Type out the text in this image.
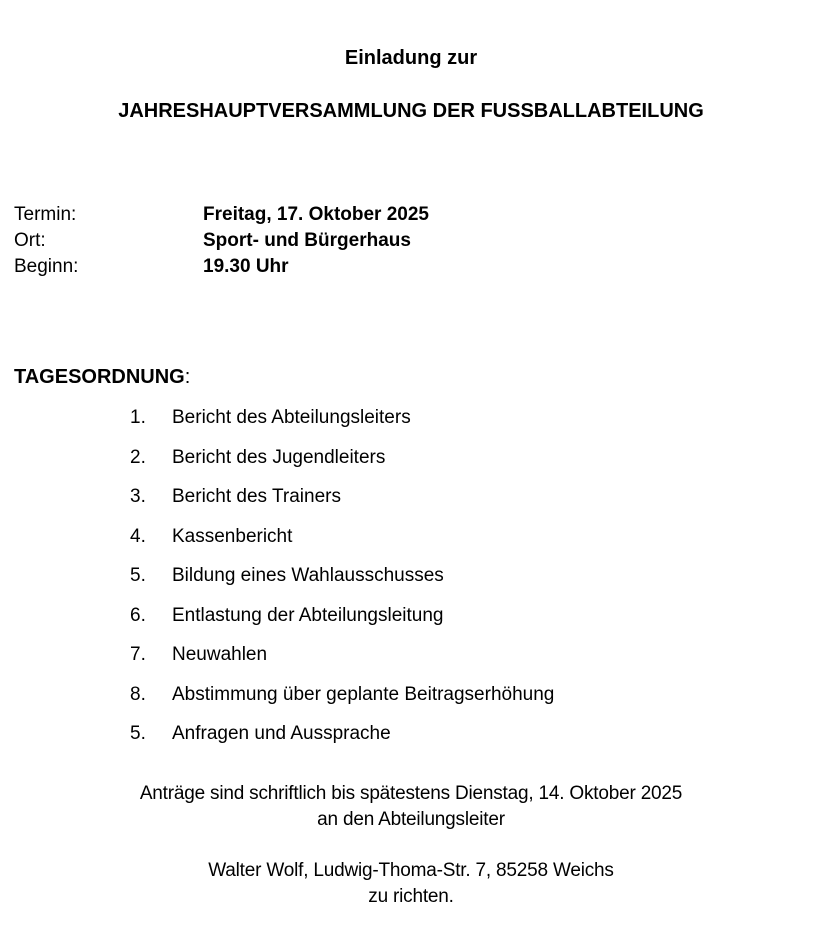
Einladung zur
JAHRESHAUPTVERSAMMLUNG DER FUSSBALLABTEILUNG
Termin:	Freitag, 17. Oktober 2025
Ort:	Sport- und Bürgerhaus
Beginn:	19.30 Uhr
TAGESORDNUNG:
1. Bericht des Abteilungsleiters
2. Bericht des Jugendleiters
3. Bericht des Trainers
4. Kassenbericht
5. Bildung eines Wahlausschusses
6. Entlastung der Abteilungsleitung
7. Neuwahlen
8. Abstimmung über geplante Beitragserhöhung
5. Anfragen und Aussprache
Anträge sind schriftlich bis spätestens Dienstag, 14. Oktober 2025
an den Abteilungsleiter
Walter Wolf, Ludwig-Thoma-Str. 7, 85258 Weichs
zu richten.
